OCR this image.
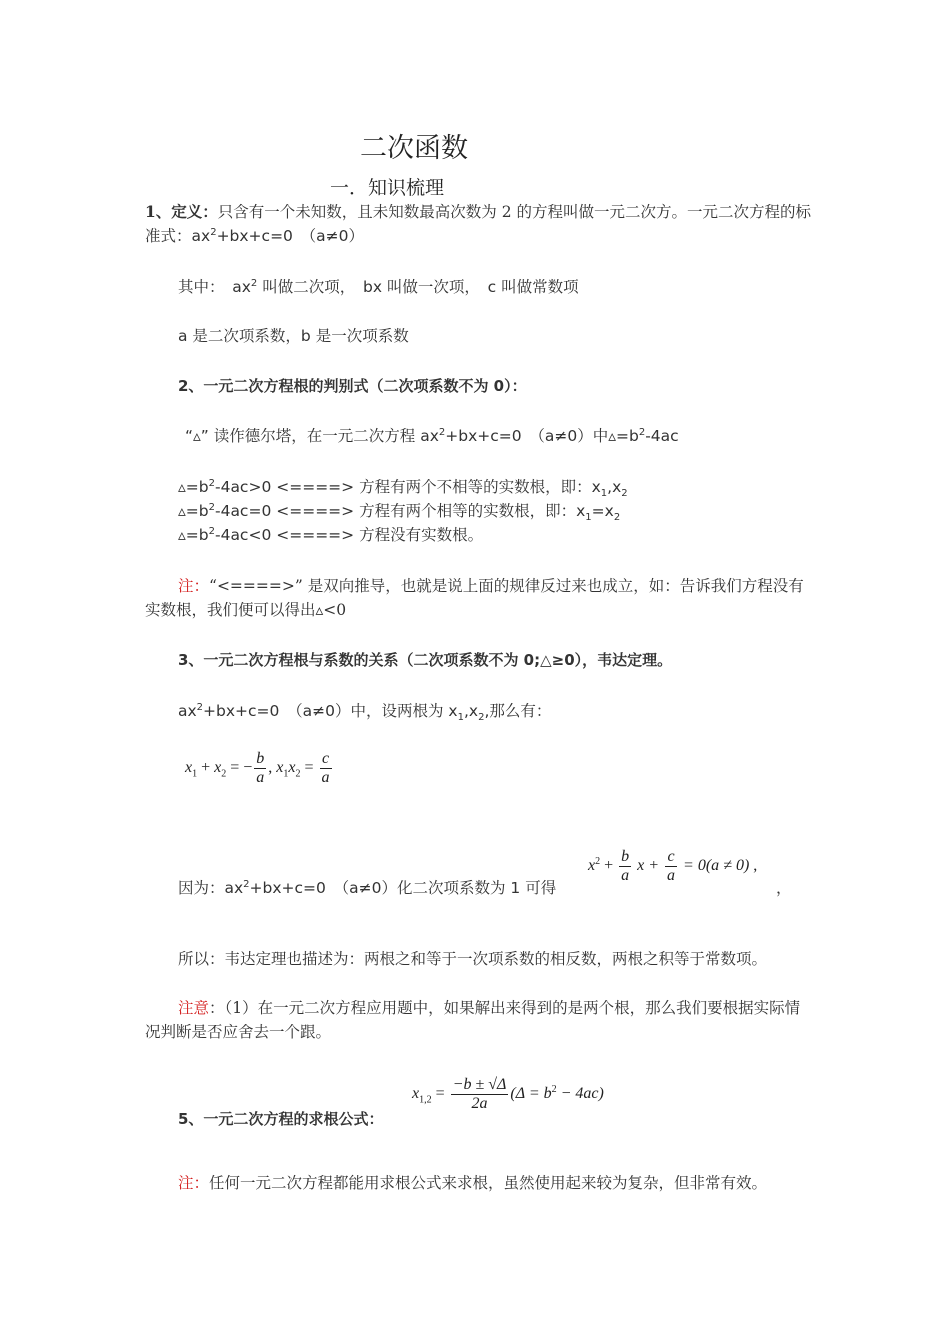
二次函数
一．知识梳理
1、定义：只含有一个未知数，且未知数最高次数为 2 的方程叫做一元二次方。一元二次方程的标准式：$ax^2+bx+c=0$　（a≠0）
其中：　$ax^2$ 叫做二次项，　bx 叫做一次项，　c 叫做常数项
a 是二次项系数，b 是一次项系数
2、一元二次方程根的判别式（二次项系数不为 0）：
“▵” 读作德尔塔，在一元二次方程 $ax^2+bx+c=0$　（a≠0）中$▵=b^2-4ac$
$▵=b^2-4ac>0$ <====> 方程有两个不相等的实数根，即：$x_1,x_2$
$▵=b^2-4ac=0$ <====> 方程有两个相等的实数根，即：$x_1=x_2$
$▵=b^2-4ac<0$ <====> 方程没有实数根。
注：“<====>” 是双向推导，也就是说上面的规律反过来也成立，如：告诉我们方程没有实数根，我们便可以得出▵<0
3、一元二次方程根与系数的关系（二次项系数不为 0;△≥0），韦达定理。
$ax^2+bx+c=0$　（a≠0）中，设两根为 $x_1,x_2$,那么有：
$x_1 + x_2$ = − $\frac{b}{a}$ , $x_1x_2 = \frac{c}{a}$
因为：$ax^2+bx+c=0$　（a≠0）化二次项系数为 1 可得
$x^2 + \frac{b}{a}$ $x + \frac{c}{a} = 0(a \ne 0)$ ,
，
所以：韦达定理也描述为：两根之和等于一次项系数的相反数，两根之积等于常数项。
注意：（1）在一元二次方程应用题中，如果解出来得到的是两个根，那么我们要根据实际情况判断是否应舍去一个跟。
5、一元二次方程的求根公式：
$x_{1,2} = \frac{-b \pm √\Delta}{2a} (\Delta = b^2 - 4ac)$
注：任何一元二次方程都能用求根公式来求根，虽然使用起来较为复杂，但非常有效。
